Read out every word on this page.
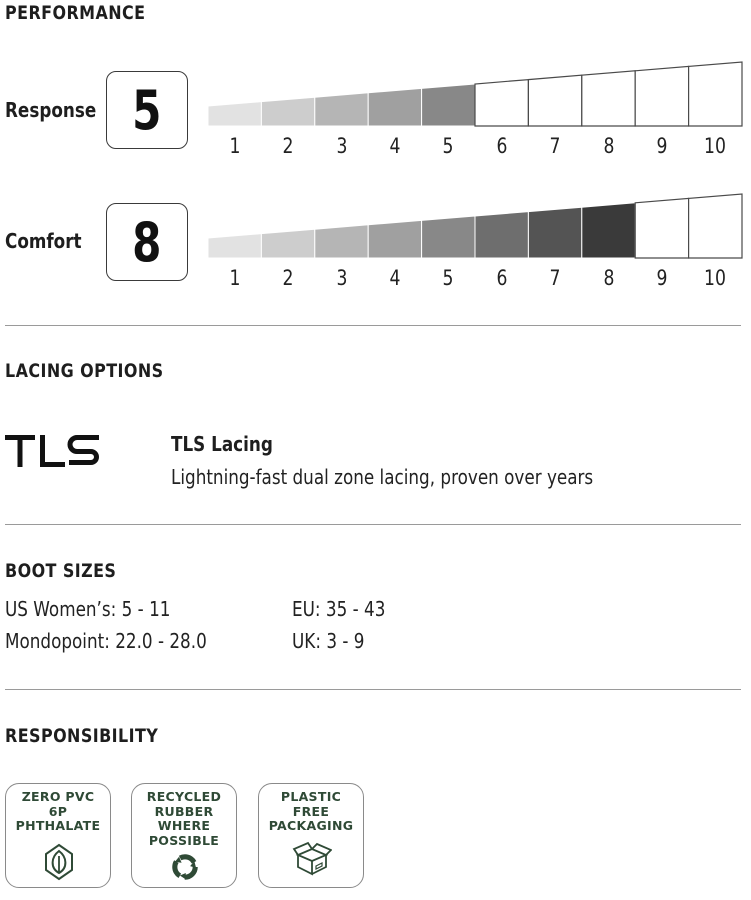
PERFORMANCE
Response 5
1	2	3	4	5	6	7	8	9	10
Comfort 8
1	2	3	4	5	6	7	8	9	10
LACING OPTIONS
TLS Lacing
Lightning-fast dual zone lacing, proven over years
BOOT SIZES
US Women’s: 5 - 11
Mondopoint: 22.0 - 28.0
EU: 35 - 43
UK: 3 - 9
RESPONSIBILITY

ZERO PVC
6P
PHTHALATE

RECYCLED
RUBBER
WHERE
POSSIBLE

PLASTIC
FREE
PACKAGING
